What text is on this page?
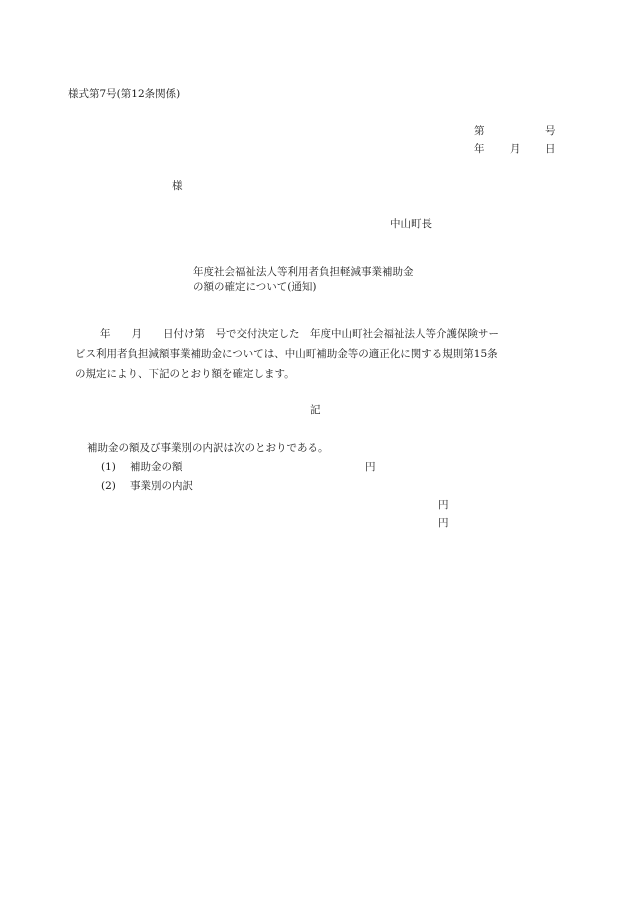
様式第7号(第12条関係)
第	号
年 月 日
様
中山町長
年度社会福祉法人等利用者負担軽減事業補助金
の額の確定について(通知)
年　　月　　日付け第　号で交付決定した　年度中山町社会福祉法人等介護保険サー
ビス利用者負担減額事業補助金については、中山町補助金等の適正化に関する規則第15条
の規定により、下記のとおり額を確定します。
記
補助金の額及び事業別の内訳は次のとおりである。
(1) 補助金の額	円
(2) 事業別の内訳
円
円
